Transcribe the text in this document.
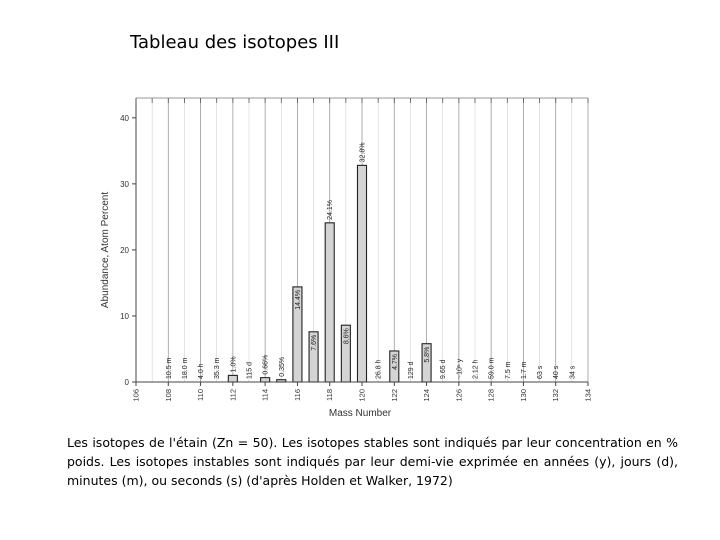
Tableau des isotopes III
0
10
20
30
40
106	108	110	112	114	116	118	120	122	124	126	128	130	132	134
1.0%	0.66% 0.35%
14.4%
7.6%
24.1%
8.6%
32.8%
4.7%	5.8%
10.5 m 18.0 m 4.0 h 35.3 m	115 d	26.8 h	129 d	9.65 d ~10⁵ y 2.12 h 59.0 m 7.5 m 1.7 m 63 s 40 s 34 s
Abundance, Atom Percent
Mass Number
Les isotopes de l'étain (Zn = 50). Les isotopes stables sont indiqués par leur concentration en % poids. Les isotopes instables sont indiqués par leur demi-vie exprimée en années (y), jours (d), minutes (m), ou seconds (s) (d'après Holden et Walker, 1972)
